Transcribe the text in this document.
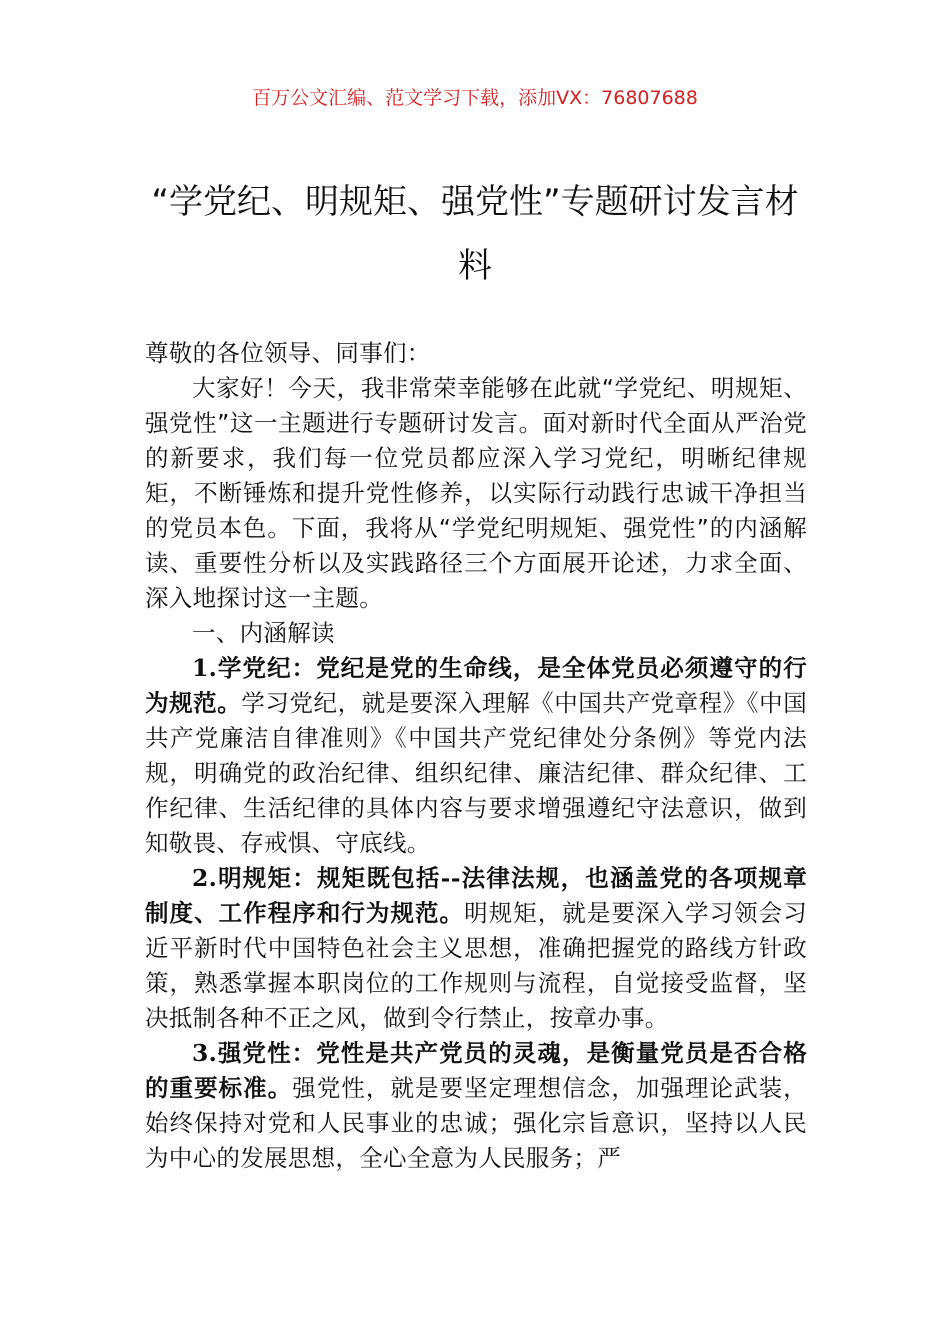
百万公文汇编、范文学习下载，添加VX：76807688
“学党纪、明规矩、强党性”专题研讨发言材料

尊敬的各位领导、同事们：

大家好！今天，我非常荣幸能够在此就“学党纪、明规矩、强党性”这一主题进行专题研讨发言。面对新时代全面从严治党的新要求，我们每一位党员都应深入学习党纪，明晰纪律规矩，不断锤炼和提升党性修养，以实际行动践行忠诚干净担当的党员本色。下面，我将从“学党纪明规矩、强党性”的内涵解读、重要性分析以及实践路径三个方面展开论述，力求全面、深入地探讨这一主题。

一、内涵解读

1.学党纪：党纪是党的生命线，是全体党员必须遵守的行为规范。学习党纪，就是要深入理解《中国共产党章程》《中国共产党廉洁自律准则》《中国共产党纪律处分条例》等党内法规，明确党的政治纪律、组织纪律、廉洁纪律、群众纪律、工作纪律、生活纪律的具体内容与要求增强遵纪守法意识，做到知敬畏、存戒惧、守底线。

2.明规矩：规矩既包括--法律法规，也涵盖党的各项规章制度、工作程序和行为规范。明规矩，就是要深入学习领会习近平新时代中国特色社会主义思想，准确把握党的路线方针政策，熟悉掌握本职岗位的工作规则与流程，自觉接受监督，坚决抵制各种不正之风，做到令行禁止，按章办事。

3.强党性：党性是共产党员的灵魂，是衡量党员是否合格的重要标准。强党性，就是要坚定理想信念，加强理论武装，始终保持对党和人民事业的忠诚；强化宗旨意识，坚持以人民为中心的发展思想，全心全意为人民服务；严
